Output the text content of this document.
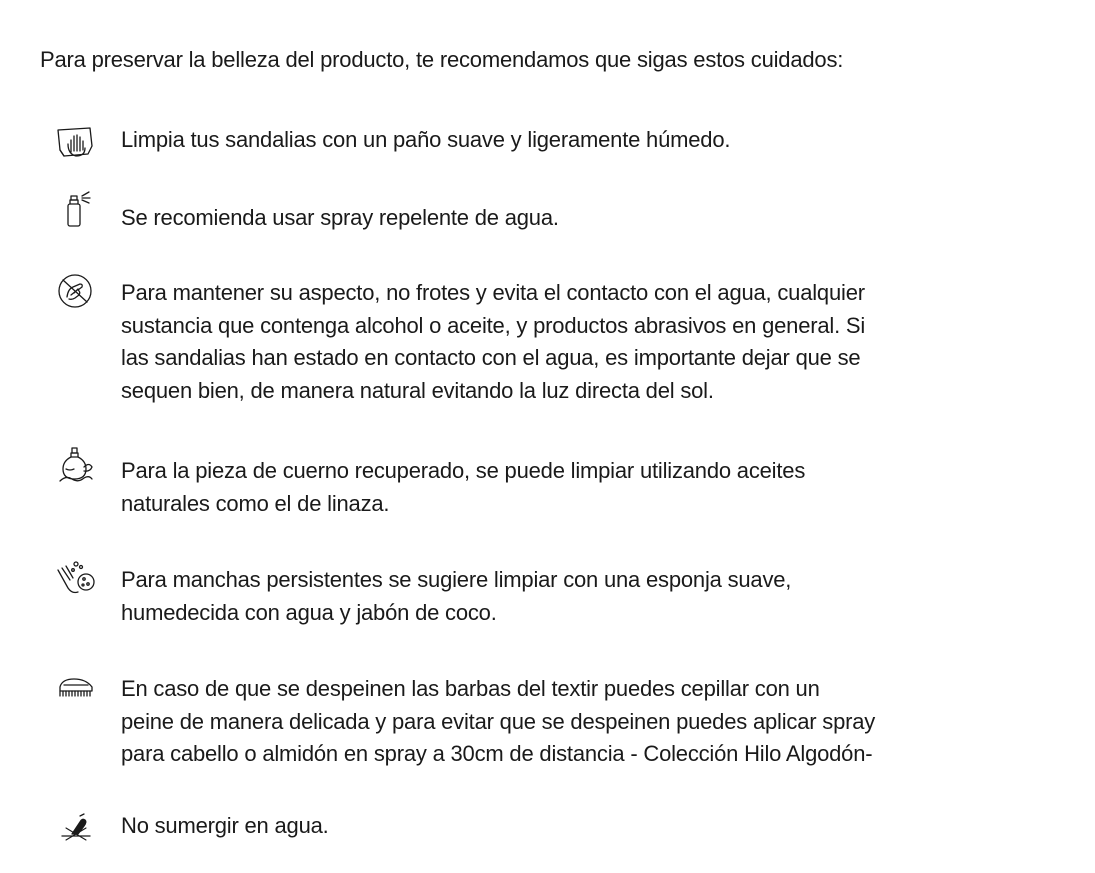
Para preservar la belleza del producto, te recomendamos que sigas estos cuidados:

Limpia tus sandalias con un paño suave y ligeramente húmedo.

Se recomienda usar spray repelente de agua.

Para mantener su aspecto, no frotes y evita el contacto con el agua, cualquier
sustancia que contenga alcohol o aceite, y productos abrasivos en general. Si
las sandalias han estado en contacto con el agua, es importante dejar que se
sequen bien, de manera natural evitando la luz directa del sol.

Para la pieza de cuerno recuperado, se puede limpiar utilizando aceites
naturales como el de linaza.

Para manchas persistentes se sugiere limpiar con una esponja suave,
humedecida con agua y jabón de coco.

En caso de que se despeinen las barbas del textir puedes cepillar con un
peine de manera delicada y para evitar que se despeinen puedes aplicar spray
para cabello o almidón en spray a 30cm de distancia - Colección Hilo Algodón-

No sumergir en agua.
